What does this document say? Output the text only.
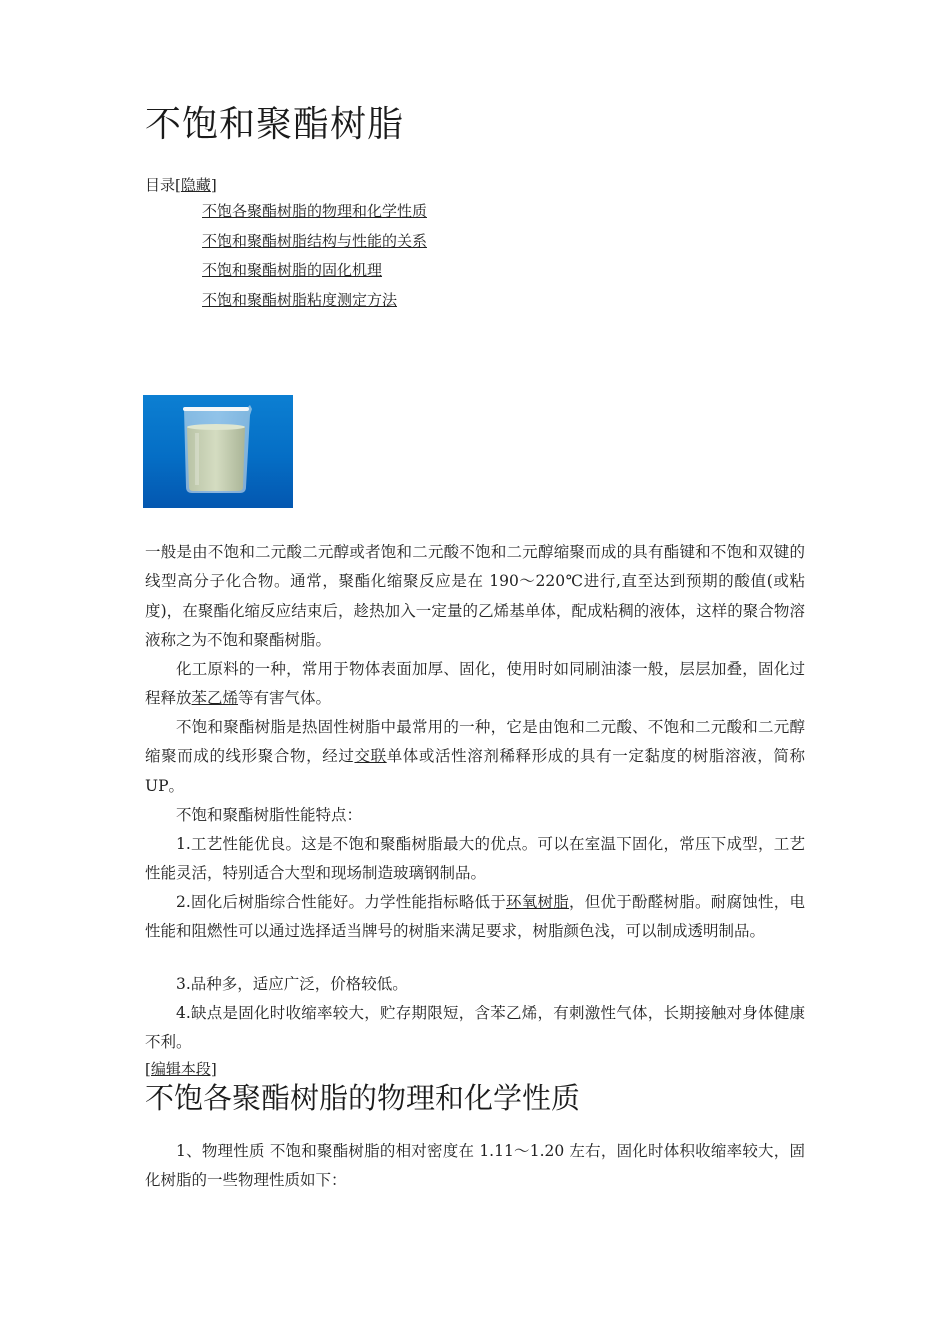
不饱和聚酯树脂
目录[隐藏]
不饱各聚酯树脂的物理和化学性质
不饱和聚酯树脂结构与性能的关系
不饱和聚酯树脂的固化机理
不饱和聚酯树脂粘度测定方法

一般是由不饱和二元酸二元醇或者饱和二元酸不饱和二元醇缩聚而成的具有酯键和不饱和双键的线型高分子化合物。通常，聚酯化缩聚反应是在 190～220℃进行,直至达到预期的酸值(或粘度)，在聚酯化缩反应结束后，趁热加入一定量的乙烯基单体，配成粘稠的液体，这样的聚合物溶液称之为不饱和聚酯树脂。

化工原料的一种，常用于物体表面加厚、固化，使用时如同刷油漆一般，层层加叠，固化过程释放苯乙烯等有害气体。

不饱和聚酯树脂是热固性树脂中最常用的一种，它是由饱和二元酸、不饱和二元酸和二元醇缩聚而成的线形聚合物，经过交联单体或活性溶剂稀释形成的具有一定黏度的树脂溶液，简称 UP。

不饱和聚酯树脂性能特点：

1.工艺性能优良。这是不饱和聚酯树脂最大的优点。可以在室温下固化，常压下成型，工艺性能灵活，特别适合大型和现场制造玻璃钢制品。

2.固化后树脂综合性能好。力学性能指标略低于环氧树脂，但优于酚醛树脂。耐腐蚀性，电性能和阻燃性可以通过选择适当牌号的树脂来满足要求，树脂颜色浅，可以制成透明制品。

3.品种多，适应广泛，价格较低。

4.缺点是固化时收缩率较大，贮存期限短，含苯乙烯，有刺激性气体，长期接触对身体健康不利。

[编辑本段]
不饱各聚酯树脂的物理和化学性质

1、物理性质 不饱和聚酯树脂的相对密度在 1.11～1.20 左右，固化时体积收缩率较大，固化树脂的一些物理性质如下：
